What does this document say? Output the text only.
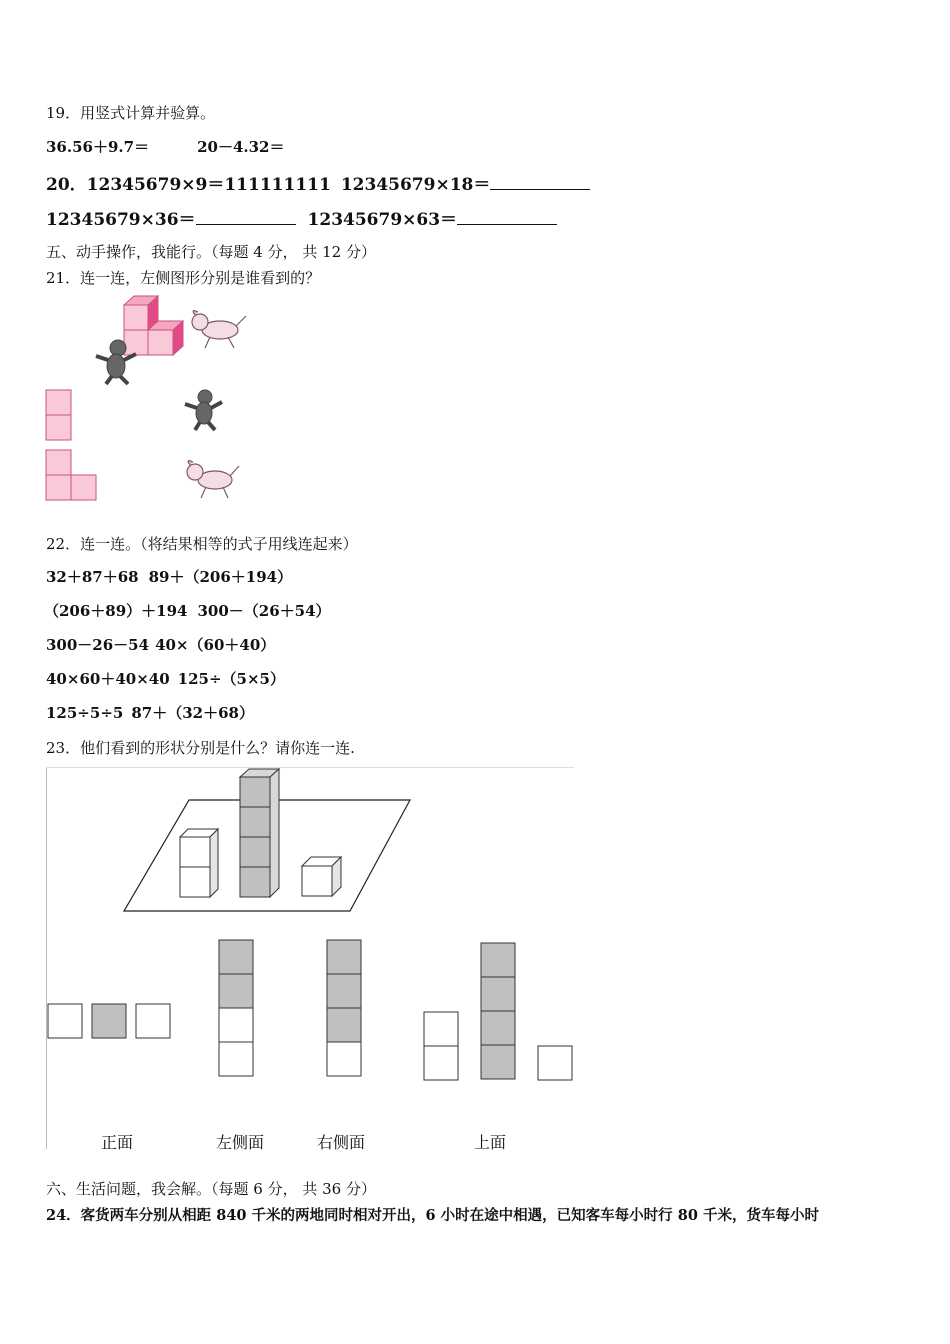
19．用竖式计算并验算。
36.56＋9.7＝	20－4.32＝
20．12345679×9＝111111111 12345679×18＝
12345679×36＝	12345679×63＝
五、动手操作，我能行。（每题 4 分， 共 12 分）
21．连一连，左侧图形分别是谁看到的？
22．连一连。（将结果相等的式子用线连起来）
32＋87＋68 89＋（206＋194）
（206＋89）＋194 300－（26＋54）
300－26－54 40×（60＋40）
40×60＋40×40 125÷（5×5）
125÷5÷5 87＋（32＋68）
23．他们看到的形状分别是什么？请你连一连.
正面	左侧面	右侧面	上面
六、生活问题，我会解。（每题 6 分， 共 36 分）
24．客货两车分别从相距 840 千米的两地同时相对开出，6 小时在途中相遇，已知客车每小时行 80 千米，货车每小时
